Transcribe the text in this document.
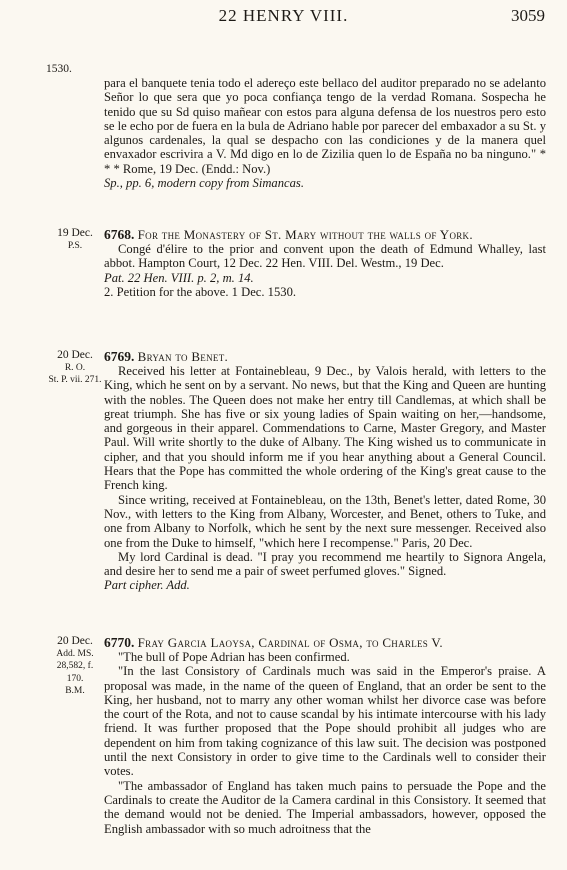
22 HENRY VIII.	3059
1530.

para el banquete tenia todo el adereço este bellaco del auditor preparado no se adelanto Señor lo que sera que yo poca confiança tengo de la verdad Romana. Sospecha he tenido que su Sd quiso mañear con estos para alguna defensa de los nuestros pero esto se le echo por de fuera en la bula de Adriano hable por parecer del embaxador a su St. y algunos cardenales, la qual se despacho con las condiciones y de la manera quel envaxador escrivira a V. Md digo en lo de Zizilia quen lo de España no ba ninguno." * * * Rome, 19 Dec. (Endd.: Nov.)

Sp., pp. 6, modern copy from Simancas.

19 Dec.
P.S.

6768. For the Monastery of St. Mary without the walls of York.

Congé d'élire to the prior and convent upon the death of Edmund Whalley, last abbot. Hampton Court, 12 Dec. 22 Hen. VIII. Del. Westm., 19 Dec.

Pat. 22 Hen. VIII. p. 2, m. 14.

2. Petition for the above. 1 Dec. 1530.

20 Dec.
R. O.
St. P. vii. 271.

6769. Bryan to Benet.

Received his letter at Fontainebleau, 9 Dec., by Valois herald, with letters to the King, which he sent on by a servant. No news, but that the King and Queen are hunting with the nobles. The Queen does not make her entry till Candlemas, at which shall be great triumph. She has five or six young ladies of Spain waiting on her,—handsome, and gorgeous in their apparel. Commendations to Carne, Master Gregory, and Master Paul. Will write shortly to the duke of Albany. The King wished us to communicate in cipher, and that you should inform me if you hear anything about a General Council. Hears that the Pope has committed the whole ordering of the King's great cause to the French king.

Since writing, received at Fontainebleau, on the 13th, Benet's letter, dated Rome, 30 Nov., with letters to the King from Albany, Worcester, and Benet, others to Tuke, and one from Albany to Norfolk, which he sent by the next sure messenger. Received also one from the Duke to himself, "which here I recompense." Paris, 20 Dec.

My lord Cardinal is dead. "I pray you recommend me heartily to Signora Angela, and desire her to send me a pair of sweet perfumed gloves." Signed.

Part cipher. Add.

20 Dec.
Add. MS.
28,582, f. 170.
B.M.

6770. Fray Garcia Laoysa, Cardinal of Osma, to Charles V.

"The bull of Pope Adrian has been confirmed.

"In the last Consistory of Cardinals much was said in the Emperor's praise. A proposal was made, in the name of the queen of England, that an order be sent to the King, her husband, not to marry any other woman whilst her divorce case was before the court of the Rota, and not to cause scandal by his intimate intercourse with his lady friend. It was further proposed that the Pope should prohibit all judges who are dependent on him from taking cognizance of this law suit. The decision was postponed until the next Consistory in order to give time to the Cardinals well to consider their votes.

"The ambassador of England has taken much pains to persuade the Pope and the Cardinals to create the Auditor de la Camera cardinal in this Consistory. It seemed that the demand would not be denied. The Imperial ambassadors, however, opposed the English ambassador with so much adroitness that the
